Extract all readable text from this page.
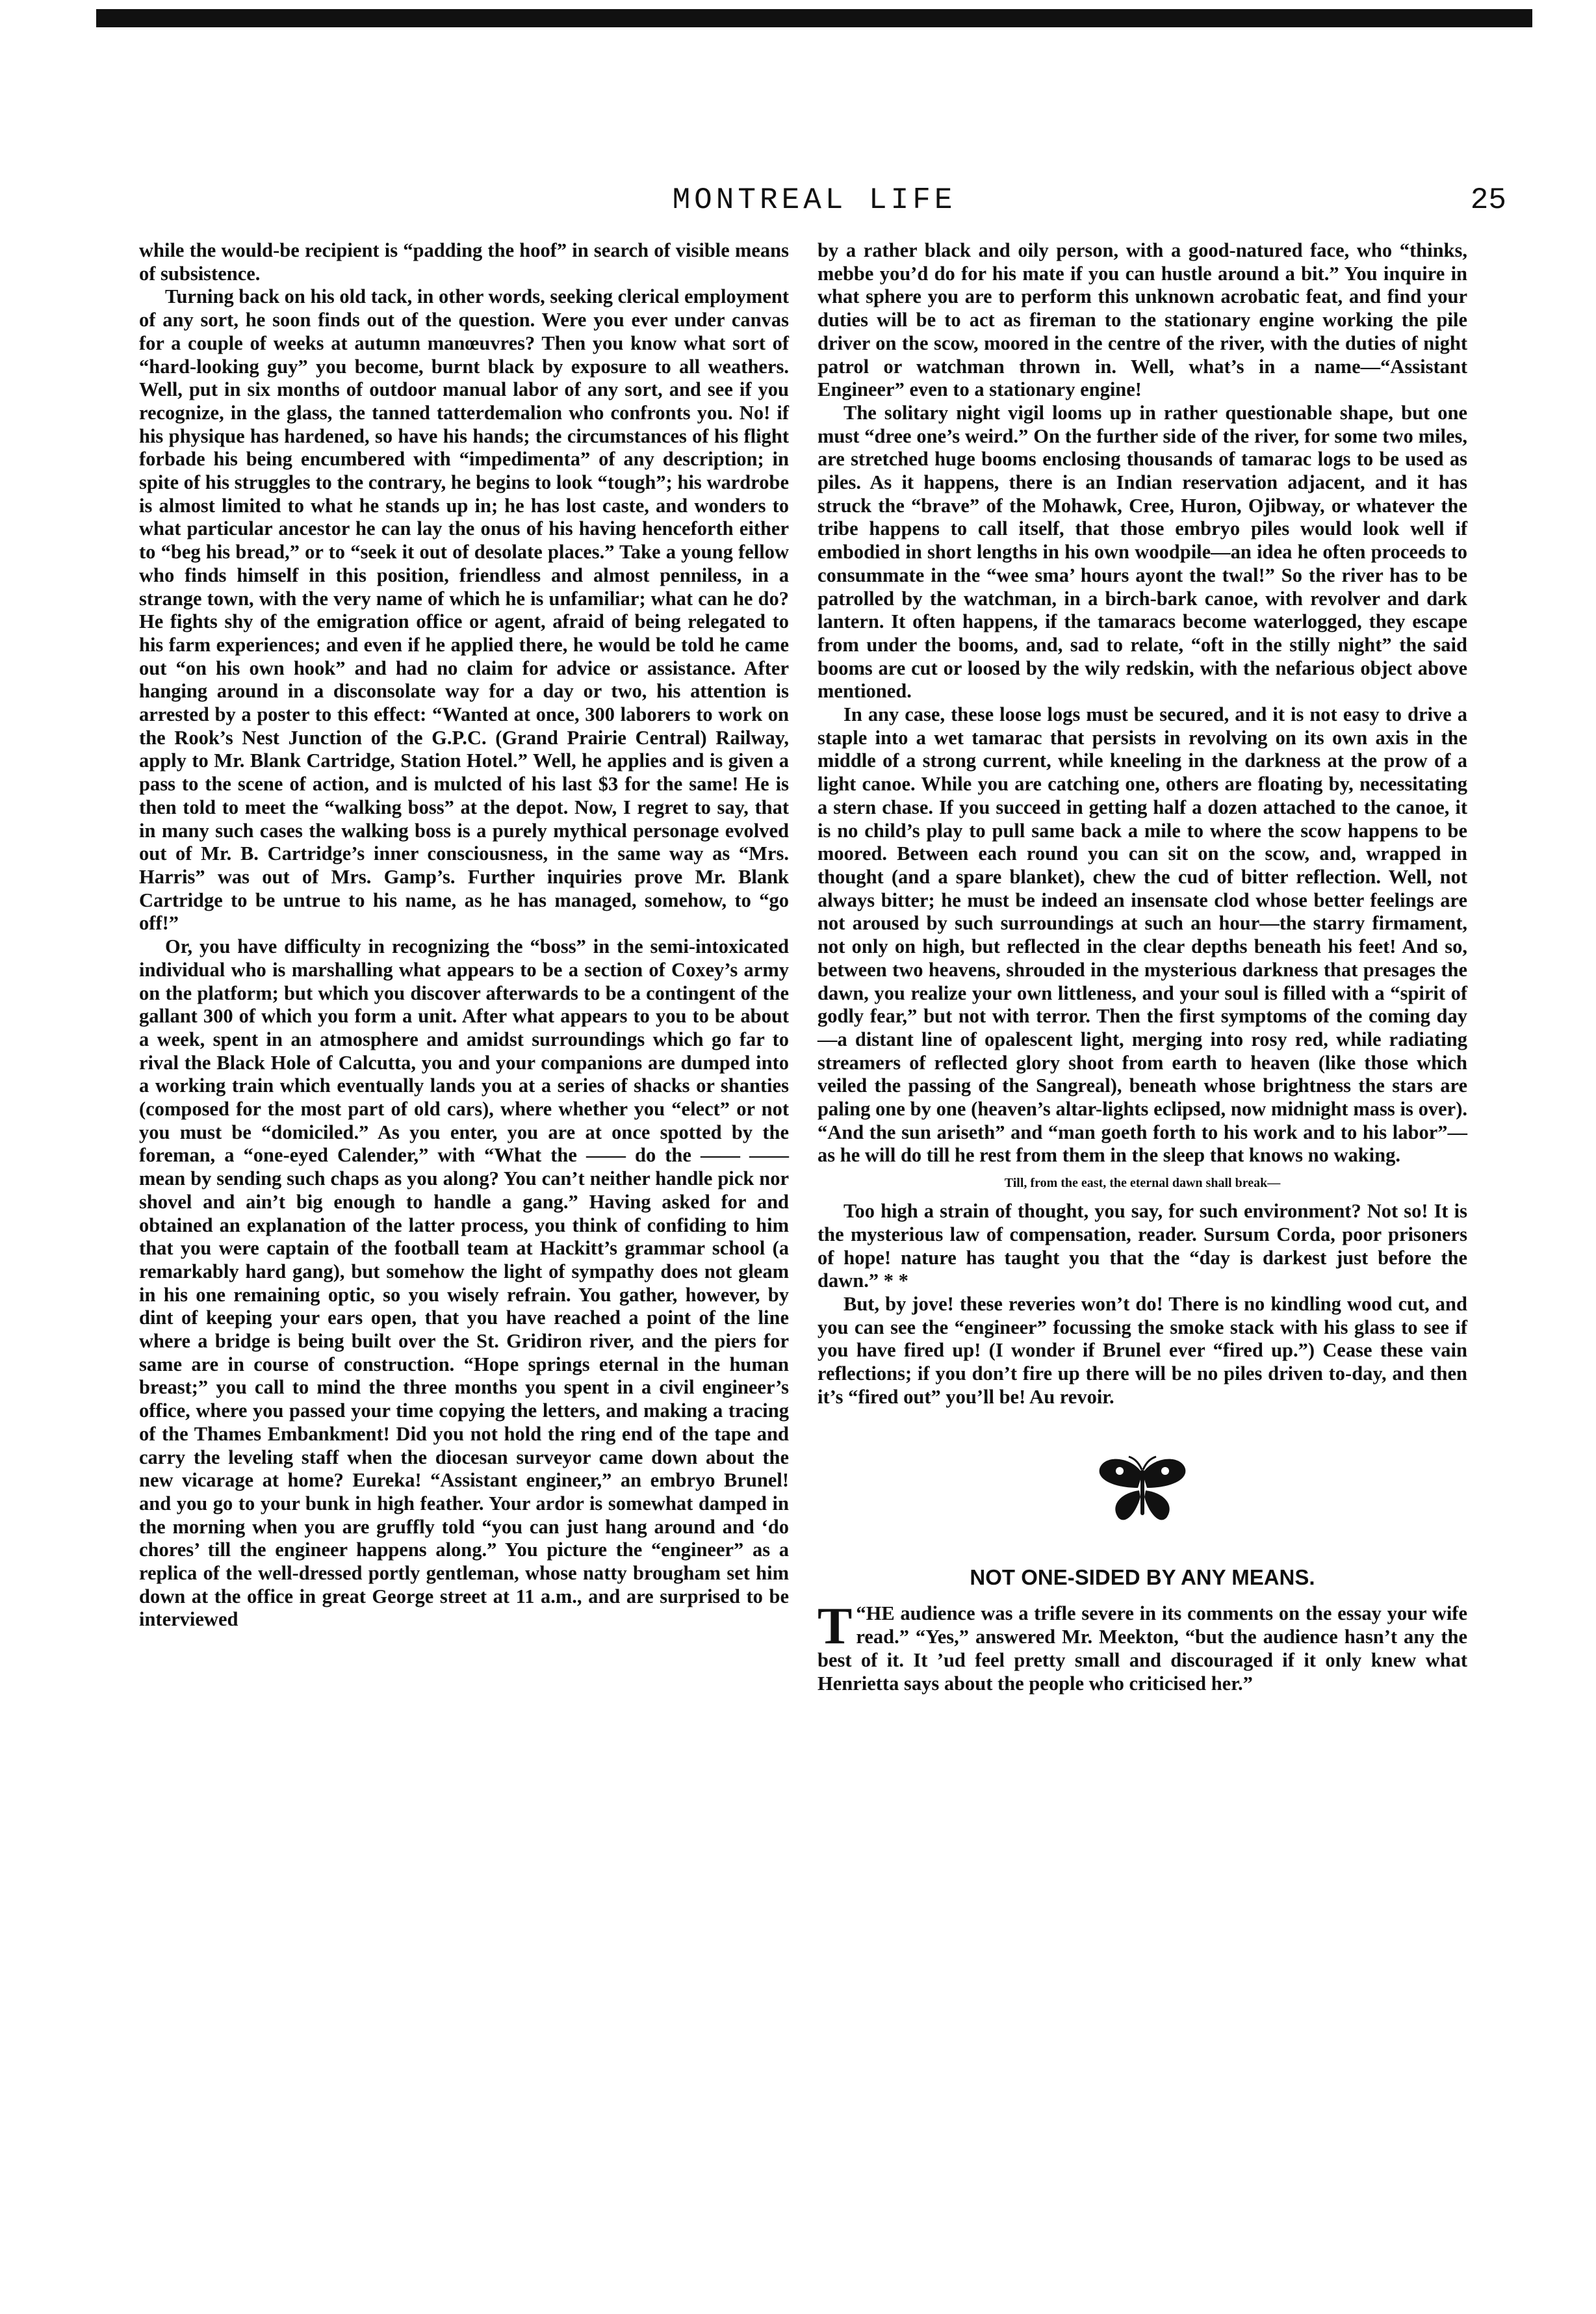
MONTREAL LIFE	25

while the would-be recipient is “padding the hoof” in search of visible means of subsistence.

Turning back on his old tack, in other words, seeking clerical employment of any sort, he soon finds out of the question. Were you ever under canvas for a couple of weeks at autumn manœuvres? Then you know what sort of “hard-looking guy” you become, burnt black by exposure to all weathers. Well, put in six months of outdoor manual labor of any sort, and see if you recognize, in the glass, the tanned tatterdemalion who confronts you. No! if his physique has hardened, so have his hands; the circumstances of his flight forbade his being encumbered with “impedimenta” of any description; in spite of his struggles to the contrary, he begins to look “tough”; his wardrobe is almost limited to what he stands up in; he has lost caste, and wonders to what particular ancestor he can lay the onus of his having henceforth either to “beg his bread,” or to “seek it out of desolate places.” Take a young fellow who finds himself in this position, friendless and almost penniless, in a strange town, with the very name of which he is unfamiliar; what can he do? He fights shy of the emigration office or agent, afraid of being relegated to his farm experiences; and even if he applied there, he would be told he came out “on his own hook” and had no claim for advice or assistance. After hanging around in a disconsolate way for a day or two, his attention is arrested by a poster to this effect: “Wanted at once, 300 laborers to work on the Rook’s Nest Junction of the G.P.C. (Grand Prairie Central) Railway, apply to Mr. Blank Cartridge, Station Hotel.” Well, he applies and is given a pass to the scene of action, and is mulcted of his last $3 for the same! He is then told to meet the “walking boss” at the depot. Now, I regret to say, that in many such cases the walking boss is a purely mythical personage evolved out of Mr. B. Cartridge’s inner consciousness, in the same way as “Mrs. Harris” was out of Mrs. Gamp’s. Further inquiries prove Mr. Blank Cartridge to be untrue to his name, as he has managed, somehow, to “go off!”

Or, you have difficulty in recognizing the “boss” in the semi-intoxicated individual who is marshalling what appears to be a section of Coxey’s army on the platform; but which you discover afterwards to be a contingent of the gallant 300 of which you form a unit. After what appears to you to be about a week, spent in an atmosphere and amidst surroundings which go far to rival the Black Hole of Calcutta, you and your companions are dumped into a working train which eventually lands you at a series of shacks or shanties (composed for the most part of old cars), where whether you “elect” or not you must be “domiciled.” As you enter, you are at once spotted by the foreman, a “one-eyed Calender,” with “What the —— do the —— —— mean by sending such chaps as you along? You can’t neither handle pick nor shovel and ain’t big enough to handle a gang.” Having asked for and obtained an explanation of the latter process, you think of confiding to him that you were captain of the football team at Hackitt’s grammar school (a remarkably hard gang), but somehow the light of sympathy does not gleam in his one remaining optic, so you wisely refrain. You gather, however, by dint of keeping your ears open, that you have reached a point of the line where a bridge is being built over the St. Gridiron river, and the piers for same are in course of construction. “Hope springs eternal in the human breast;” you call to mind the three months you spent in a civil engineer’s office, where you passed your time copying the letters, and making a tracing of the Thames Embankment! Did you not hold the ring end of the tape and carry the leveling staff when the diocesan surveyor came down about the new vicarage at home? Eureka! “Assistant engineer,” an embryo Brunel! and you go to your bunk in high feather. Your ardor is somewhat damped in the morning when you are gruffly told “you can just hang around and ‘do chores’ till the engineer happens along.” You picture the “engineer” as a replica of the well-dressed portly gentleman, whose natty brougham set him down at the office in great George street at 11 a.m., and are surprised to be interviewed

by a rather black and oily person, with a good-natured face, who “thinks, mebbe you’d do for his mate if you can hustle around a bit.” You inquire in what sphere you are to perform this unknown acrobatic feat, and find your duties will be to act as fireman to the stationary engine working the pile driver on the scow, moored in the centre of the river, with the duties of night patrol or watchman thrown in. Well, what’s in a name—“Assistant Engineer” even to a stationary engine!

The solitary night vigil looms up in rather questionable shape, but one must “dree one’s weird.” On the further side of the river, for some two miles, are stretched huge booms enclosing thousands of tamarac logs to be used as piles. As it happens, there is an Indian reservation adjacent, and it has struck the “brave” of the Mohawk, Cree, Huron, Ojibway, or whatever the tribe happens to call itself, that those embryo piles would look well if embodied in short lengths in his own woodpile—an idea he often proceeds to consummate in the “wee sma’ hours ayont the twal!” So the river has to be patrolled by the watchman, in a birch-bark canoe, with revolver and dark lantern. It often happens, if the tamaracs become waterlogged, they escape from under the booms, and, sad to relate, “oft in the stilly night” the said booms are cut or loosed by the wily redskin, with the nefarious object above mentioned.

In any case, these loose logs must be secured, and it is not easy to drive a staple into a wet tamarac that persists in revolving on its own axis in the middle of a strong current, while kneeling in the darkness at the prow of a light canoe. While you are catching one, others are floating by, necessitating a stern chase. If you succeed in getting half a dozen attached to the canoe, it is no child’s play to pull same back a mile to where the scow happens to be moored. Between each round you can sit on the scow, and, wrapped in thought (and a spare blanket), chew the cud of bitter reflection. Well, not always bitter; he must be indeed an insensate clod whose better feelings are not aroused by such surroundings at such an hour—the starry firmament, not only on high, but reflected in the clear depths beneath his feet! And so, between two heavens, shrouded in the mysterious darkness that presages the dawn, you realize your own littleness, and your soul is filled with a “spirit of godly fear,” but not with terror. Then the first symptoms of the coming day—a distant line of opalescent light, merging into rosy red, while radiating streamers of reflected glory shoot from earth to heaven (like those which veiled the passing of the Sangreal), beneath whose brightness the stars are paling one by one (heaven’s altar-lights eclipsed, now midnight mass is over). “And the sun ariseth” and “man goeth forth to his work and to his labor”—as he will do till he rest from them in the sleep that knows no waking.

Till, from the east, the eternal dawn shall break—

Too high a strain of thought, you say, for such environment? Not so! It is the mysterious law of compensation, reader. Sursum Corda, poor prisoners of hope! nature has taught you that the “day is darkest just before the dawn.” * *

But, by jove! these reveries won’t do! There is no kindling wood cut, and you can see the “engineer” focussing the smoke stack with his glass to see if you have fired up! (I wonder if Brunel ever “fired up.”) Cease these vain reflections; if you don’t fire up there will be no piles driven to-day, and then it’s “fired out” you’ll be! Au revoir.

NOT ONE-SIDED BY ANY MEANS.

“
T HE audience was a trifle severe in its comments on the essay your wife read.” “Yes,” answered Mr. Meekton, “but the audience hasn’t any the best of it. It ’ud feel pretty small and discouraged if it only knew what Henrietta says about the people who criticised her.”
